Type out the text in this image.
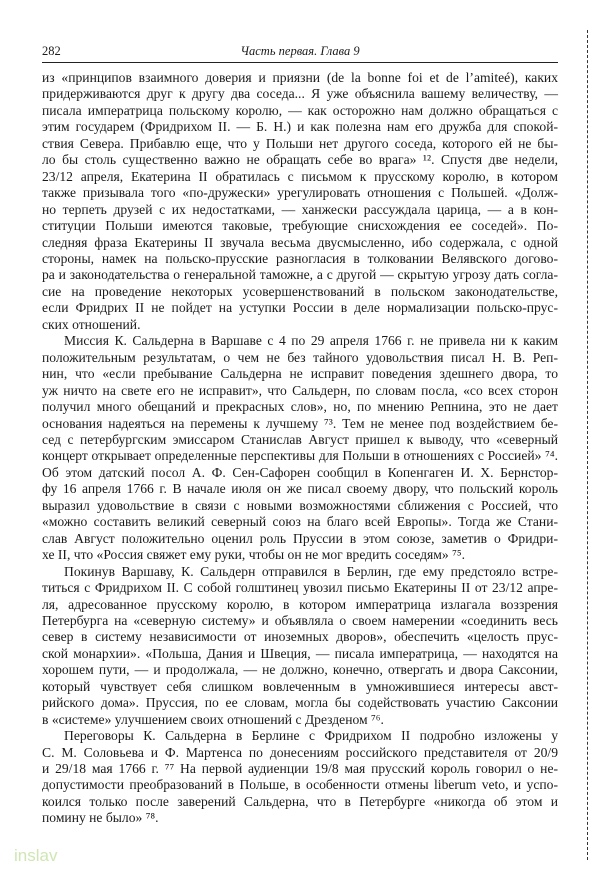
282	Часть первая. Глава 9
из «принципов взаимного доверия и приязни (de la bonne foi et de l’amiteé), каких
придерживаются друг к другу два соседа... Я уже объяснила вашему величеству, —
писала императрица польскому королю, — как осторожно нам должно обращаться с
этим государем (Фридрихом II. — Б. Н.) и как полезна нам его дружба для спокой-
ствия Севера. Прибавлю еще, что у Польши нет другого соседа, которого ей не бы-
ло бы столь существенно важно не обращать себе во врага» ¹². Спустя две недели,
23/12 апреля, Екатерина II обратилась с письмом к прусскому королю, в котором
также призывала того «по-дружески» урегулировать отношения с Польшей. «Долж-
но терпеть друзей с их недостатками, — ханжески рассуждала царица, — а в кон-
ституции Польши имеются таковые, требующие снисхождения ее соседей». По-
следняя фраза Екатерины II звучала весьма двусмысленно, ибо содержала, с одной
стороны, намек на польско-прусские разногласия в толковании Велявского догово-
ра и законодательства о генеральной таможне, а с другой — скрытую угрозу дать согла-
сие на проведение некоторых усовершенствований в польском законодательстве,
если Фридрих II не пойдет на уступки России в деле нормализации польско-прус-
ских отношений.
Миссия К. Сальдерна в Варшаве с 4 по 29 апреля 1766 г. не привела ни к каким
положительным результатам, о чем не без тайного удовольствия писал Н. В. Реп-
нин, что «если пребывание Сальдерна не исправит поведения здешнего двора, то
уж ничто на свете его не исправит», что Сальдерн, по словам посла, «со всех сторон
получил много обещаний и прекрасных слов», но, по мнению Репнина, это не дает
основания надеяться на перемены к лучшему ⁷³. Тем не менее под воздействием бе-
сед с петербургским эмиссаром Станислав Август пришел к выводу, что «северный
концерт открывает определенные перспективы для Польши в отношениях с Россией» ⁷⁴.
Об этом датский посол А. Ф. Сен-Сафорен сообщил в Копенгаген И. Х. Бернстор-
фу 16 апреля 1766 г. В начале июля он же писал своему двору, что польский король
выразил удовольствие в связи с новыми возможностями сближения с Россией, что
«можно составить великий северный союз на благо всей Европы». Тогда же Стани-
слав Август положительно оценил роль Пруссии в этом союзе, заметив о Фридри-
хе II, что «Россия свяжет ему руки, чтобы он не мог вредить соседям» ⁷⁵.
Покинув Варшаву, К. Сальдерн отправился в Берлин, где ему предстояло встре-
титься с Фридрихом II. С собой голштинец увозил письмо Екатерины II от 23/12 апре-
ля, адресованное прусскому королю, в котором императрица излагала воззрения
Петербурга на «северную систему» и объявляла о своем намерении «соединить весь
север в систему независимости от иноземных дворов», обеспечить «целость прус-
ской монархии». «Польша, Дания и Швеция, — писала императрица, — находятся на
хорошем пути, — и продолжала, — не должно, конечно, отвергать и двора Саксонии,
который чувствует себя слишком вовлеченным в умножившиеся интересы авст-
рийского дома». Пруссия, по ее словам, могла бы содействовать участию Саксонии
в «системе» улучшением своих отношений с Дрезденом ⁷⁶.
Переговоры К. Сальдерна в Берлине с Фридрихом II подробно изложены у
С. М. Соловьева и Ф. Мартенса по донесениям российского представителя от 20/9
и 29/18 мая 1766 г. ⁷⁷ На первой аудиенции 19/8 мая прусский король говорил о не-
допустимости преобразований в Польше, в особенности отмены liberum veto, и успо-
коился только после заверений Сальдерна, что в Петербурге «никогда об этом и
помину не было» ⁷⁸.
inslav
